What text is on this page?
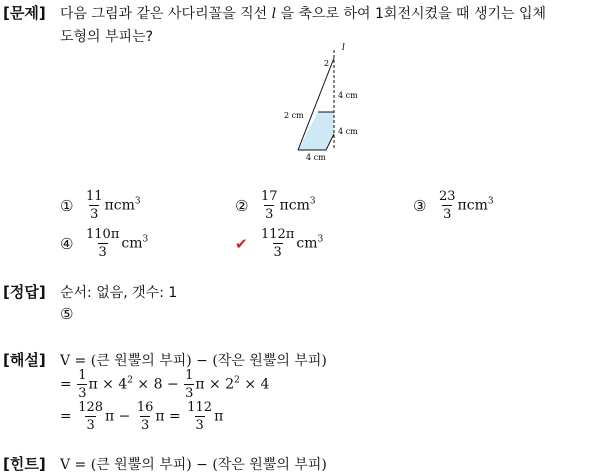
[문제] 다음 그림과 같은 사다리꼴을 직선 l 을 축으로 하여 1회전시켰을 때 생기는 입체
도형의 부피는?
l
2
4 cm
2 cm
4 cm
4 cm
① $\frac{11}{3} \pi cm^3$	② $\frac{17}{3} \pi cm^3$	③ $\frac{23}{3} \pi cm^3$
④ $\frac{110\pi}{3} cm^3$	✔ $\frac{112\pi}{3} cm^3$
[정답] 순서: 없음, 갯수: 1
⑤
[해설] V = (큰 원뿔의 부피) − (작은 원뿔의 부피)
= $\frac{1}{3}$ $\pi \times 4^2 \times 8 - \frac{1}{3}$ $\pi \times 2^2 \times 4$
= $\frac{128}{3}$ $\pi - \frac{16}{3}$ $\pi = \frac{112}{3}$ π
[힌트] V = (큰 원뿔의 부피) − (작은 원뿔의 부피)
